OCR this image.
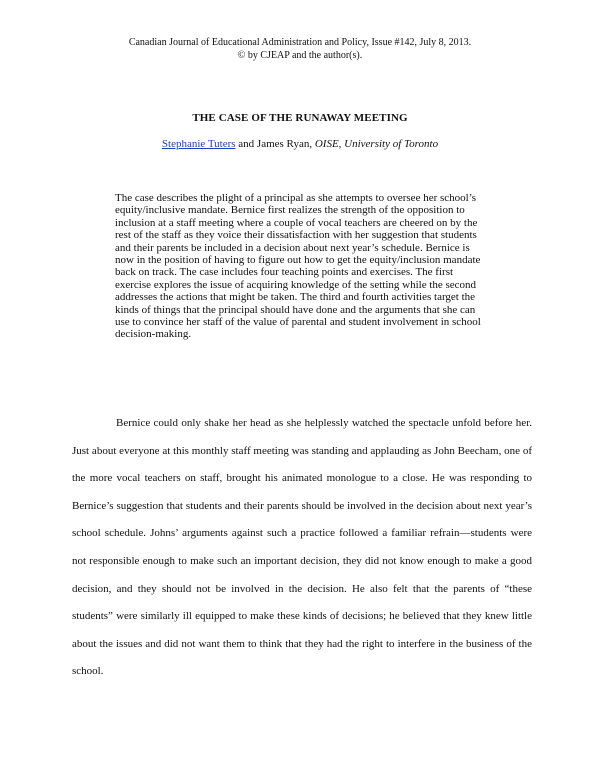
Canadian Journal of Educational Administration and Policy, Issue #142, July 8, 2013.
© by CJEAP and the author(s).
THE CASE OF THE RUNAWAY MEETING
Stephanie Tuters and James Ryan, OISE, University of Toronto

The case describes the plight of a principal as she attempts to oversee her school’s equity/inclusive mandate. Bernice first realizes the strength of the opposition to inclusion at a staff meeting where a couple of vocal teachers are cheered on by the rest of the staff as they voice their dissatisfaction with her suggestion that students and their parents be included in a decision about next year’s schedule. Bernice is now in the position of having to figure out how to get the equity/inclusion mandate back on track. The case includes four teaching points and exercises. The first exercise explores the issue of acquiring knowledge of the setting while the second addresses the actions that might be taken. The third and fourth activities target the kinds of things that the principal should have done and the arguments that she can use to convince her staff of the value of parental and student involvement in school decision-making.

Bernice could only shake her head as she helplessly watched the spectacle unfold before her. Just about everyone at this monthly staff meeting was standing and applauding as John Beecham, one of the more vocal teachers on staff, brought his animated monologue to a close. He was responding to Bernice’s suggestion that students and their parents should be involved in the decision about next year’s school schedule. Johns’ arguments against such a practice followed a familiar refrain—students were not responsible enough to make such an important decision, they did not know enough to make a good decision, and they should not be involved in the decision. He also felt that the parents of “these students” were similarly ill equipped to make these kinds of decisions; he believed that they knew little about the issues and did not want them to think that they had the right to interfere in the business of the school.
